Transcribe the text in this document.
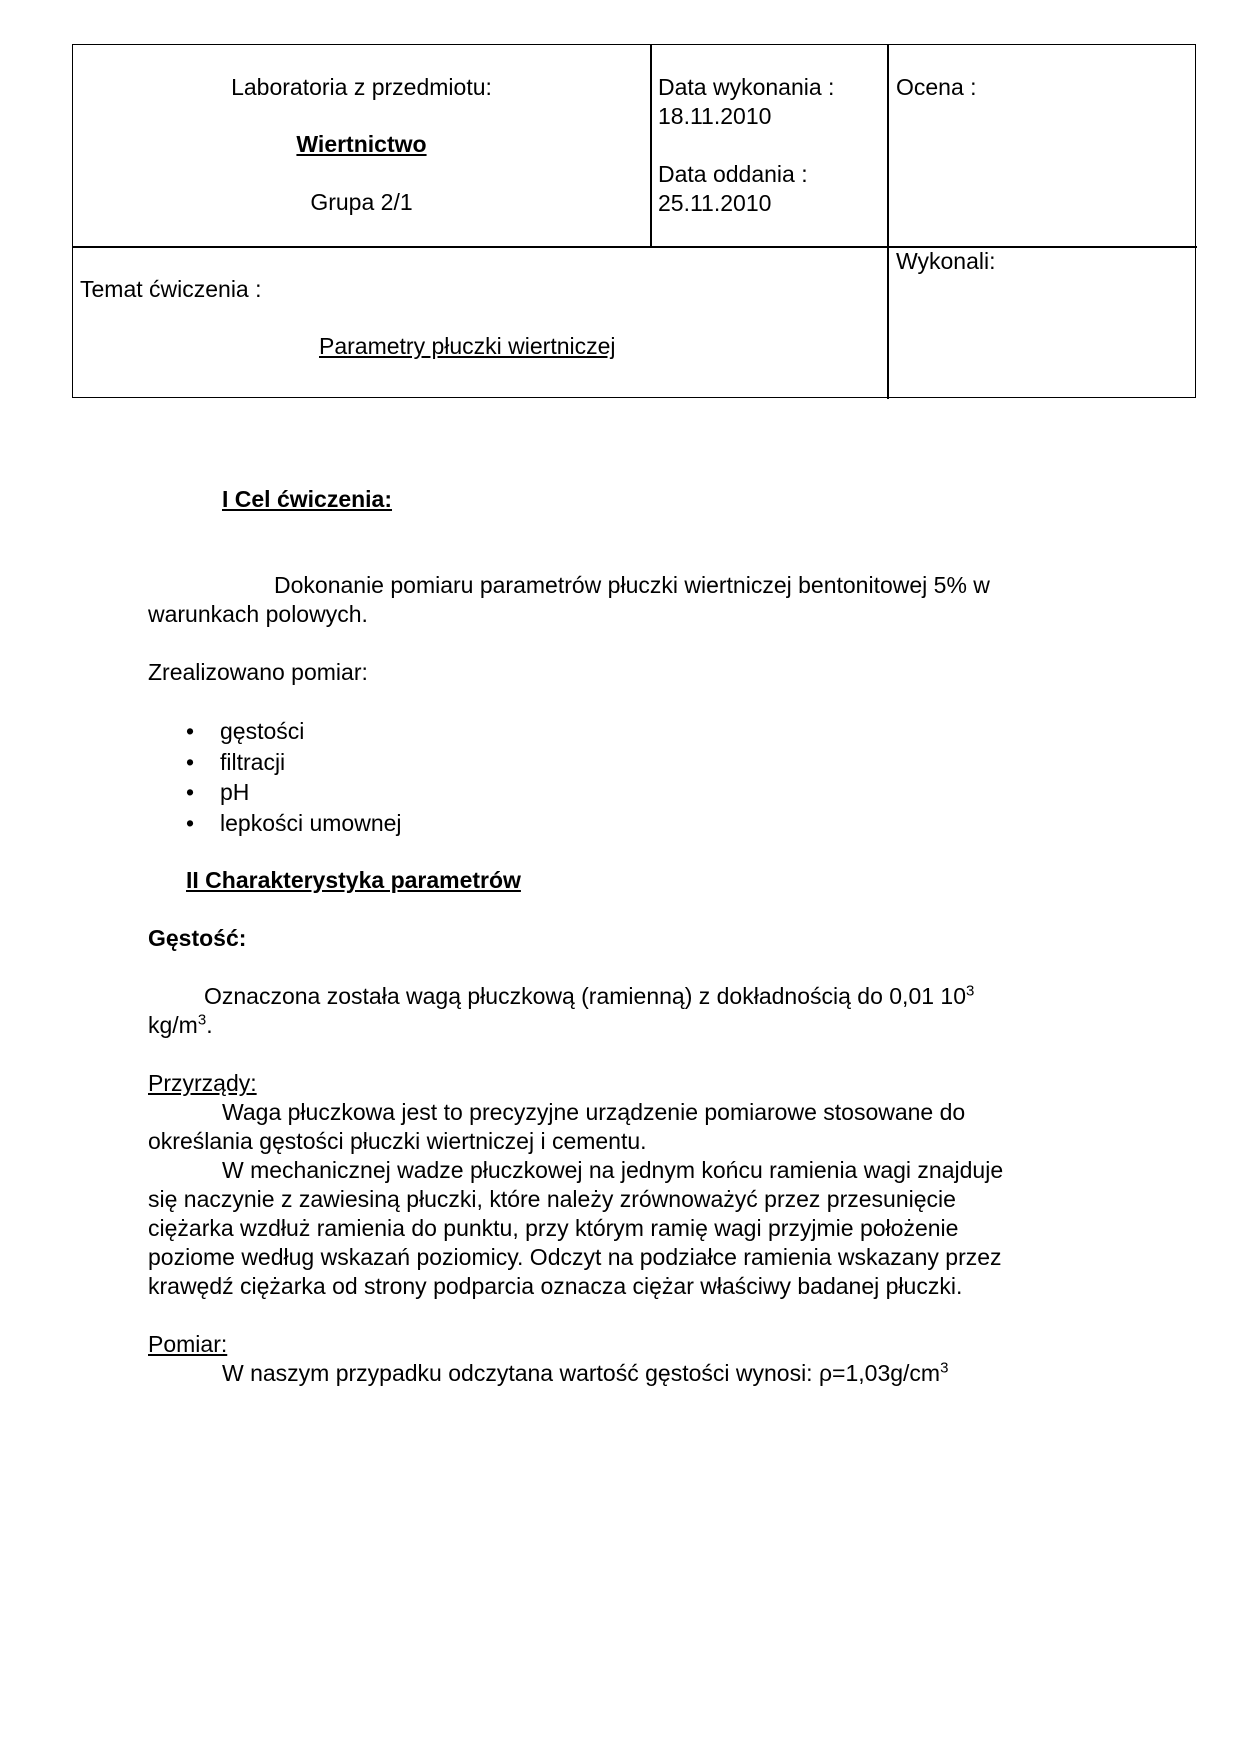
Laboratoria z przedmiotu:
Wiertnictwo
Grupa 2/1
Data wykonania :
18.11.2010
Data oddania :
25.11.2010
Ocena :
Temat ćwiczenia :
Parametry płuczki wiertniczej
Wykonali:
I Cel ćwiczenia:
Dokonanie pomiaru parametrów płuczki wiertniczej bentonitowej 5% w
warunkach polowych.
Zrealizowano pomiar:
• gęstości
• filtracji
• pH
• lepkości umownej
II Charakterystyka parametrów
Gęstość:
Oznaczona została wagą płuczkową (ramienną) z dokładnością do 0,01 $10^3$
$kg/m^3$.
Przyrządy:
Waga płuczkowa jest to precyzyjne urządzenie pomiarowe stosowane do
określania gęstości płuczki wiertniczej i cementu.
W mechanicznej wadze płuczkowej na jednym końcu ramienia wagi znajduje
się naczynie z zawiesiną płuczki, które należy zrównoważyć przez przesunięcie
ciężarka wzdłuż ramienia do punktu, przy którym ramię wagi przyjmie położenie
poziome według wskazań poziomicy. Odczyt na podziałce ramienia wskazany przez
krawędź ciężarka od strony podparcia oznacza ciężar właściwy badanej płuczki.
Pomiar:
W naszym przypadku odczytana wartość gęstości wynosi: $\rho=1,03g/cm^3$
